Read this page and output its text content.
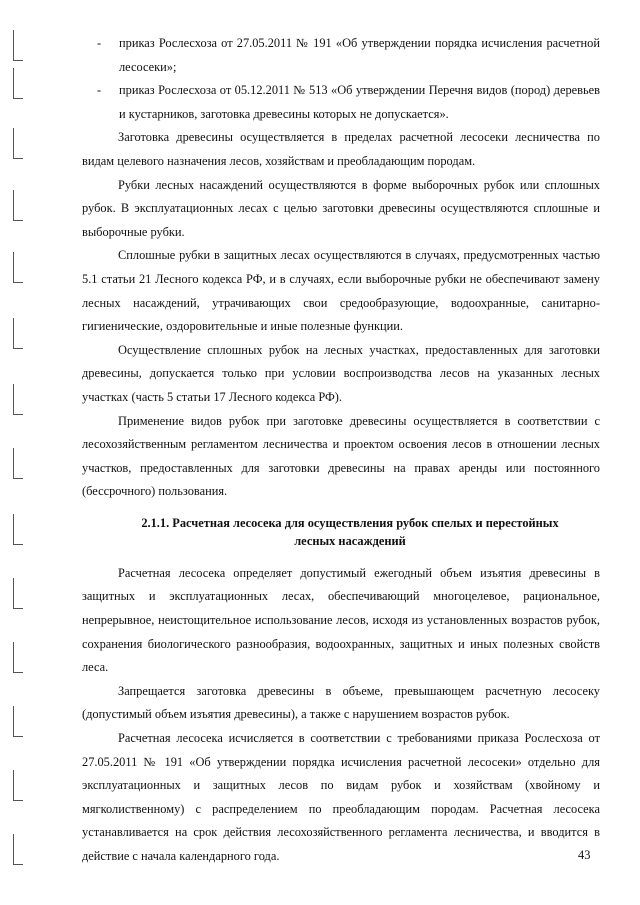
- приказ Рослесхоза от 27.05.2011 № 191 «Об утверждении порядка исчисления расчетной лесосеки»;
- приказ Рослесхоза от 05.12.2011 № 513 «Об утверждении Перечня видов (пород) деревьев и кустарников, заготовка древесины которых не допускается».

Заготовка древесины осуществляется в пределах расчетной лесосеки лесничества по видам целевого назначения лесов, хозяйствам и преобладающим породам.

Рубки лесных насаждений осуществляются в форме выборочных рубок или сплошных рубок. В эксплуатационных лесах с целью заготовки древесины осуществляются сплошные и выборочные рубки.

Сплошные рубки в защитных лесах осуществляются в случаях, предусмотренных частью 5.1 статьи 21 Лесного кодекса РФ, и в случаях, если выборочные рубки не обеспечивают замену лесных насаждений, утрачивающих свои средообразующие, водоохранные, санитарно-гигиенические, оздоровительные и иные полезные функции.

Осуществление сплошных рубок на лесных участках, предоставленных для заготовки древесины, допускается только при условии воспроизводства лесов на указанных лесных участках (часть 5 статьи 17 Лесного кодекса РФ).

Применение видов рубок при заготовке древесины осуществляется в соответствии с лесохозяйственным регламентом лесничества и проектом освоения лесов в отношении лесных участков, предоставленных для заготовки древесины на правах аренды или постоянного (бессрочного) пользования.

2.1.1. Расчетная лесосека для осуществления рубок спелых и перестойных
лесных насаждений

Расчетная лесосека определяет допустимый ежегодный объем изъятия древесины в защитных и эксплуатационных лесах, обеспечивающий многоцелевое, рациональное, непрерывное, неистощительное использование лесов, исходя из установленных возрастов рубок, сохранения биологического разнообразия, водоохранных, защитных и иных полезных свойств леса.

Запрещается заготовка древесины в объеме, превышающем расчетную лесосеку (допустимый объем изъятия древесины), а также с нарушением возрастов рубок.

Расчетная лесосека исчисляется в соответствии с требованиями приказа Рослесхоза от 27.05.2011 № 191 «Об утверждении порядка исчисления расчетной лесосеки» отдельно для эксплуатационных и защитных лесов по видам рубок и хозяйствам (хвойному и мягколиственному) с распределением по преобладающим породам. Расчетная лесосека устанавливается на срок действия лесохозяйственного регламента лесничества, и вводится в действие с начала календарного года.	43
